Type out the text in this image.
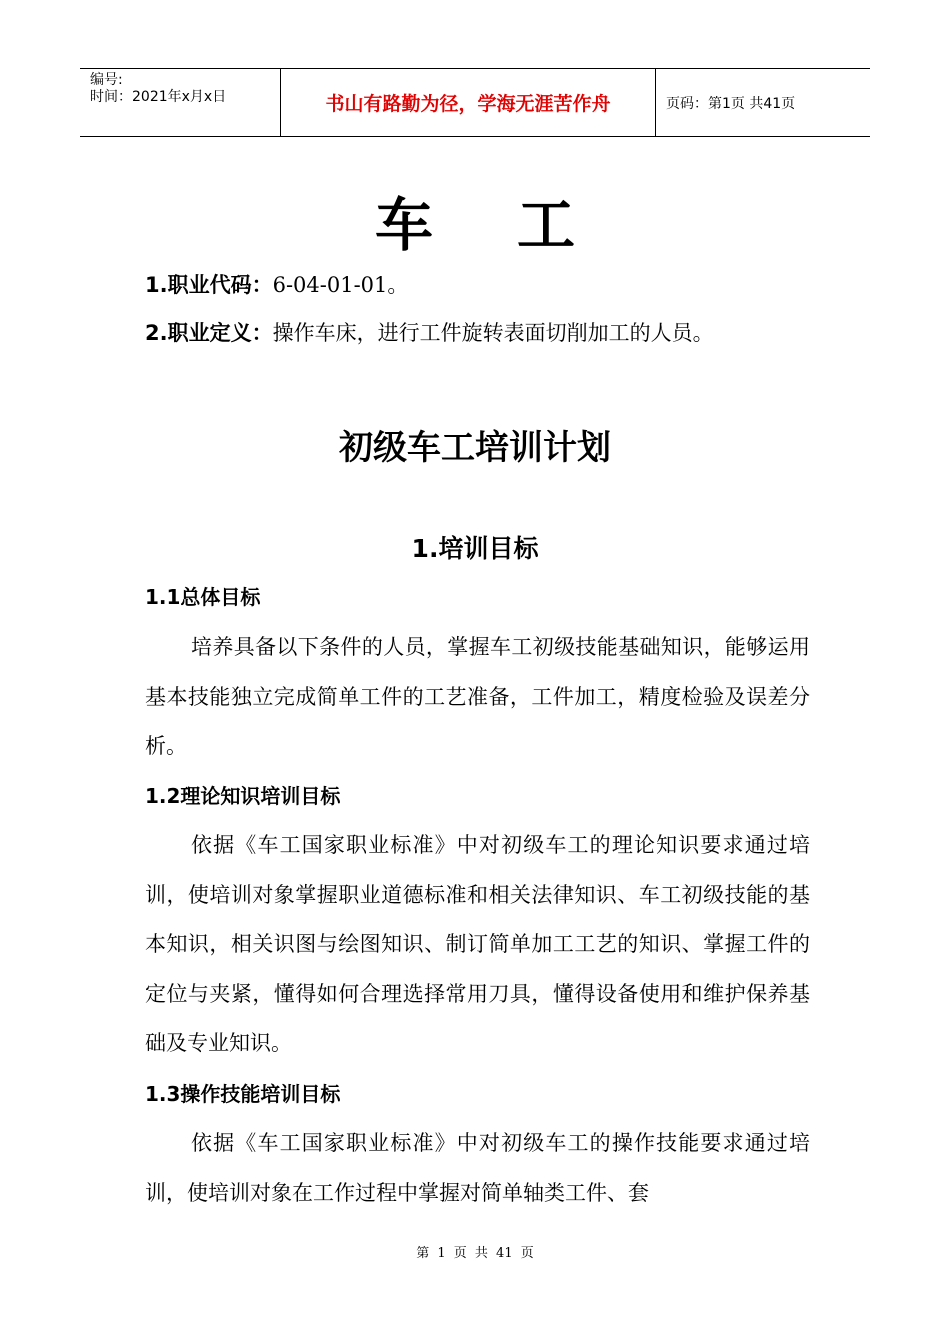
编号:
时间：2021年x月x日	书山有路勤为径，学海无涯苦作舟	页码：第1页 共41页
车工
1.职业代码：6-04-01-01。
2.职业定义：操作车床，进行工件旋转表面切削加工的人员。
初级车工培训计划
1.培训目标
1.1总体目标

培养具备以下条件的人员，掌握车工初级技能基础知识，能够运用基本技能独立完成简单工件的工艺准备，工件加工，精度检验及误差分析。

1.2理论知识培训目标

依据《车工国家职业标准》中对初级车工的理论知识要求通过培训，使培训对象掌握职业道德标准和相关法律知识、车工初级技能的基本知识，相关识图与绘图知识、制订简单加工工艺的知识、掌握工件的定位与夹紧，懂得如何合理选择常用刀具，懂得设备使用和维护保养基础及专业知识。

1.3操作技能培训目标

依据《车工国家职业标准》中对初级车工的操作技能要求通过培训，使培训对象在工作过程中掌握对简单轴类工件、套

第 1 页 共 41 页
